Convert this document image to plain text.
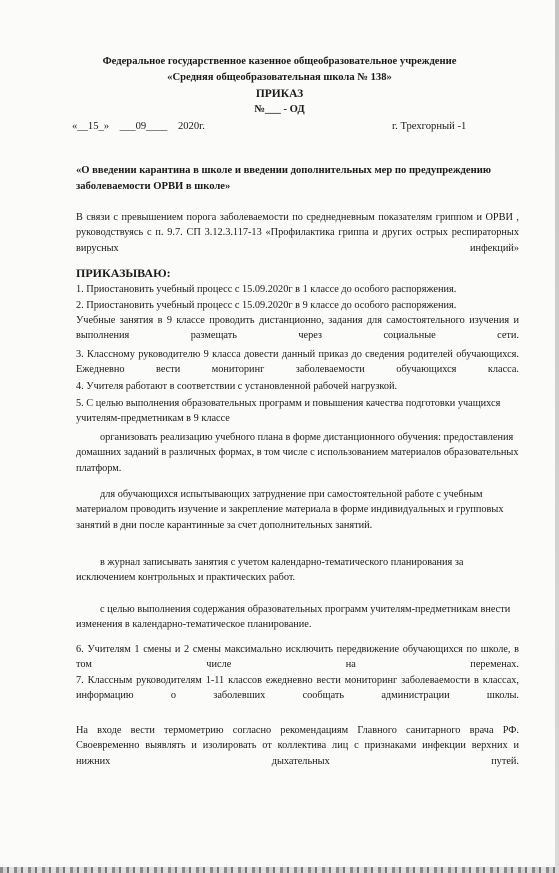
Федеральное государственное казенное общеобразовательное учреждение
«Средняя общеобразовательная школа № 138»
ПРИКАЗ
№___ - ОД
«__15_»    ___09____    2020г.	г. Трехгорный -1
«О введении карантина в школе и введении дополнительных мер по предупреждению заболеваемости ОРВИ в школе»
В связи с превышением порога заболеваемости по среднедневным показателям гриппом и ОРВИ , руководствуясь с п. 9.7. СП 3.12.3.117-13 «Профилактика гриппа и других острых респираторных вирусных инфекций»
ПРИКАЗЫВАЮ:
1. Приостановить учебный процесс с 15.09.2020г в 1 классе до особого распоряжения.
2. Приостановить учебный процесс с 15.09.2020г в 9 классе до особого распоряжения.
Учебные занятия в 9 классе проводить дистанционно, задания для самостоятельного изучения и выполнения размещать через социальные сети.
3. Классному руководителю 9 класса довести данный приказ до сведения родителей обучающихся. Ежедневно вести мониторинг заболеваемости обучающихся класса.
4. Учителя работают в соответствии с установленной рабочей нагрузкой.
5. С целью выполнения образовательных программ и повышения качества подготовки учащихся учителям-предметникам в 9 классе
организовать реализацию учебного плана в форме дистанционного обучения: предоставления домашних заданий в различных формах, в том числе с использованием материалов образовательных платформ.
для обучающихся испытывающих затруднение при самостоятельной работе с учебным материалом проводить изучение и закрепление материала в форме индивидуальных и групповых занятий в дни после карантинные за счет дополнительных занятий.
в журнал записывать занятия с учетом календарно-тематического планирования за исключением контрольных и практических работ.
с целью выполнения содержания образовательных программ учителям-предметникам внести изменения в календарно-тематическое планирование.
6. Учителям 1 смены и 2 смены максимально исключить передвижение обучающихся по школе, в том числе на переменах.
7. Классным руководителям 1-11 классов ежедневно вести мониторинг заболеваемости в классах, информацию о заболевших сообщать администрации школы.
На входе вести термометрию согласно рекомендациям Главного санитарного врача РФ. Своевременно выявлять и изолировать от коллектива лиц с признаками инфекции верхних и нижних дыхательных путей.
